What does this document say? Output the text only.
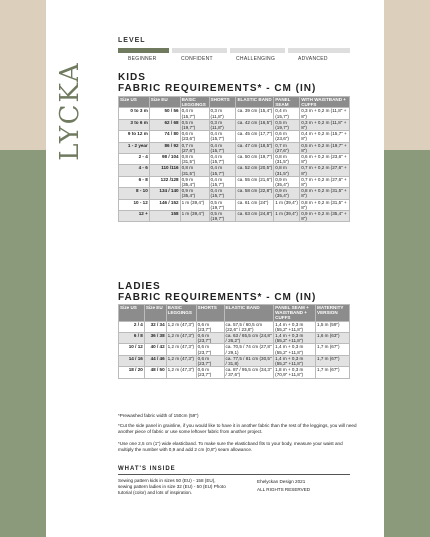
LYCKA
LEVEL
BEGINNER	CONFIDENT	CHALLENGING	ADVANCED
KIDS
FABRIC REQUIREMENTS* - CM (IN)
Size US	Size EU	BASIC LEGGINGS	SHORTS	ELASTIC BAND	PANEL SEAM	WITH WAISTBAND + CUFFS
0 to 3 m	50 / 56	0,4 m (15,7")	0,3 m (11,8")	ca. 39 cm (15,4")	0,4 m (15,7")	0,3 m + 0,2 m (11,8" + 8")
3 to 6 m	62 / 68	0,5 m (19,7")	0,3 m (11,8")	ca. 42 cm (16,5")	0,5 m (19,7")	0,3 m + 0,2 m (11,8" + 8")
9 to 12 m	74 / 80	0,6 m (23,6")	0,4 m (15,7")	ca. 45 cm (17,7")	0,6 m (23,6")	0,4 m + 0,2 m (15,7" + 8")
1 - 2 year	86 / 92	0,7 m (27,6")	0,4 m (15,7")	ca. 47 cm (18,5")	0,7 m (27,6")	0,5 m + 0,2 m (19,7" + 8")
2 - 4	98 / 104	0,8 m (31,5")	0,4 m (15,7")	ca. 50 cm (19,7")	0,8 m (31,5")	0,6 m + 0,2 m (23,6" + 8")
4 - 6	110 /116	0,8 m (31,5")	0,4 m (15,7")	ca. 52 cm (20,5")	0,8 m (31,5")	0,7 m + 0,2 m (27,6" + 8")
6 - 8	122 /128	0,9 m (35,4")	0,4 m (15,7")	ca. 55 cm (21,6")	0,9 m (35,4")	0,7 m + 0,2 m (27,6" + 8")
8 - 10	134 / 140	0,9 m (35,4")	0,4 m (15,7")	ca. 58 cm (22,8")	0,9 m (35,4")	0,8 m + 0,2 m (31,5" + 8")
10 - 12	146 / 152	1 m (39,4")	0,5 m (19,7")	ca. 61 cm (24")	1 m (39,4")	0,8 m + 0,2 m (31,5" + 8")
12 +	158	1 m (39,4")	0,5 m (19,7")	ca. 63 cm (24,8")	1 m (39,4")	0,9 m + 0,2 m (35,4" + 8")
LADIES
FABRIC REQUIREMENTS* - CM (IN)
Size US	Size EU	BASIC LEGGINGS	SHORTS	ELASTIC BAND	PANEL SEAM + WAISTBAND + CUFFS	MATERNITY VERSION
2 / 4	32 / 34	1,2 m (47,3")	0,6 m (23,7")	ca. 57,5 / 60,5 cm (22,6" / 23,8")	1,4 m + 0,3 m (55,2" +11,8")	1,5 m (59")
6 / 8	36 / 38	1,2 m (47,3")	0,6 m (23,7")	ca. 63 / 65,5 cm (24,8" / 26,2")	1,4 m + 0,3 m (55,2" +11,8")	1,6 m (63")
10 / 12	40 / 42	1,2 m (47,3")	0,6 m (23,7")	ca. 70,5 / 74 cm (27,8" / 29,1)	1,4 m + 0,3 m (55,2" +11,8")	1,7 m (67")
14 / 16	44 / 46	1,2 m (47,3")	0,6 m (23,7")	ca. 77,5 / 81 cm (30,5" / 31,8)	1,4 m + 0,3 m (55,2" +11,8")	1,7 m (67")
18 / 20	48 / 50	1,2 m (47,3")	0,6 m (23,7")	ca. 87 / 95,5 cm (34,3" / 37,6")	1,8 m + 0,3 m (70,9" +11,8")	1,7 m (67")
*Prewashed fabric width of 150cm (59")
*Cut the side panel in grainline, if you would like to have it in another fabric than the rest of the leggings, you will need another piece of fabric or use some leftover fabric from another project.
*Use one 2,5 cm (1") wide elasticband. To make sure the elasticband fits to your body, measure your waist and multiply the number with 0,9 and add 2 cm (0,8") seam allowance.
WHAT'S INSIDE
Sewing pattern kids in sizes 50 (EU) - 158 (EU), sewing pattern ladies in size 32 (EU) - 50 (EU) Photo tutorial (color) and lots of inspiration.
Ehelyckan Design 2021
ALL RIGHTS RESERVED
